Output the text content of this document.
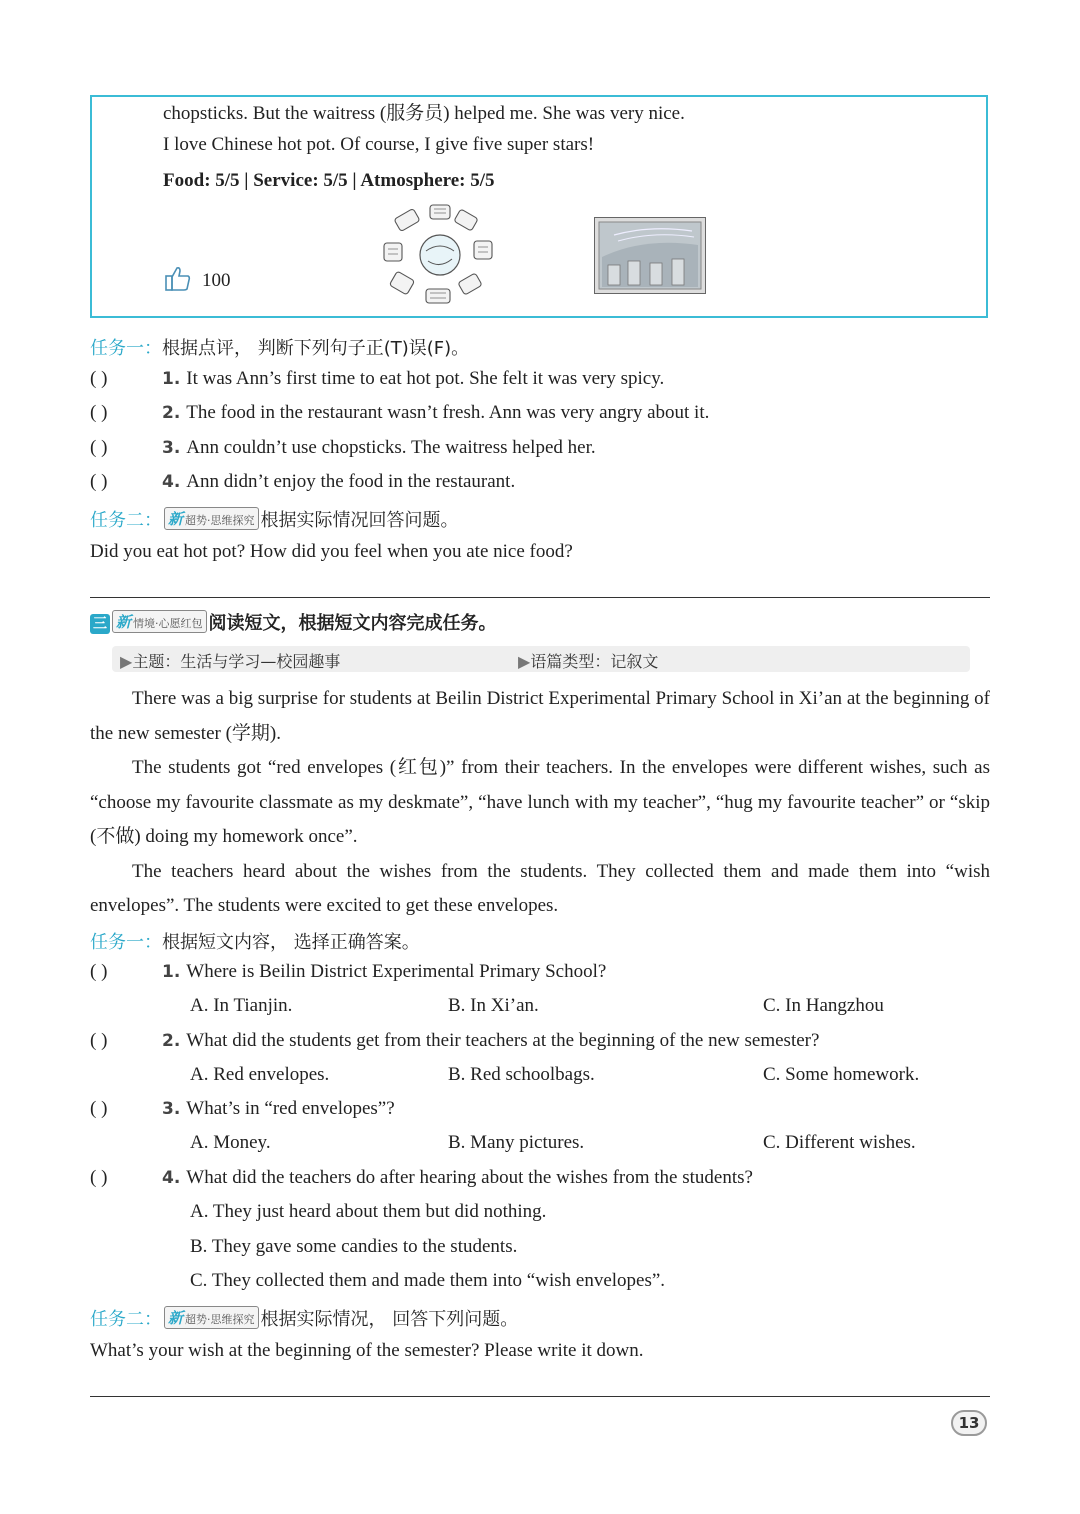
chopsticks. But the waitress (服务员) helped me. She was very nice.
I love Chinese hot pot. Of course, I give five super stars!
Food: 5/5 | Service: 5/5 | Atmosphere: 5/5
100
任务一：根据点评， 判断下列句子正(T)误(F)。
( )	1. It was Ann’s first time to eat hot pot. She felt it was very spicy.
( )	2. The food in the restaurant wasn’t fresh. Ann was very angry about it.
( )	3. Ann couldn’t use chopsticks. The waitress helped her.
( )	4. Ann didn’t enjoy the food in the restaurant.
任务二： 新 超势·思维探究 根据实际情况回答问题。
Did you eat hot pot? How did you feel when you ate nice food?
三 新 情境·心愿红包 阅读短文，根据短文内容完成任务。
▶主题：生活与学习—校园趣事	▶语篇类型：记叙文

There was a big surprise for students at Beilin District Experimental Primary School in Xi’an at the beginning of the new semester (学期).

The students got “red envelopes (红包)” from their teachers. In the envelopes were different wishes, such as “choose my favourite classmate as my deskmate”, “have lunch with my teacher”, “hug my favourite teacher” or “skip (不做) doing my homework once”.

The teachers heard about the wishes from the students. They collected them and made them into “wish envelopes”. The students were excited to get these envelopes.

任务一：根据短文内容， 选择正确答案。
( )	1. Where is Beilin District Experimental Primary School?
A. In Tianjin.	B. In Xi’an.	C. In Hangzhou
( )	2. What did the students get from their teachers at the beginning of the new semester?
A. Red envelopes.	B. Red schoolbags.	C. Some homework.
( )	3. What’s in “red envelopes”?
A. Money.	B. Many pictures.	C. Different wishes.
( )	4. What did the teachers do after hearing about the wishes from the students?
A. They just heard about them but did nothing.
B. They gave some candies to the students.
C. They collected them and made them into “wish envelopes”.
任务二： 新 超势·思维探究 根据实际情况， 回答下列问题。
What’s your wish at the beginning of the semester? Please write it down.
13
